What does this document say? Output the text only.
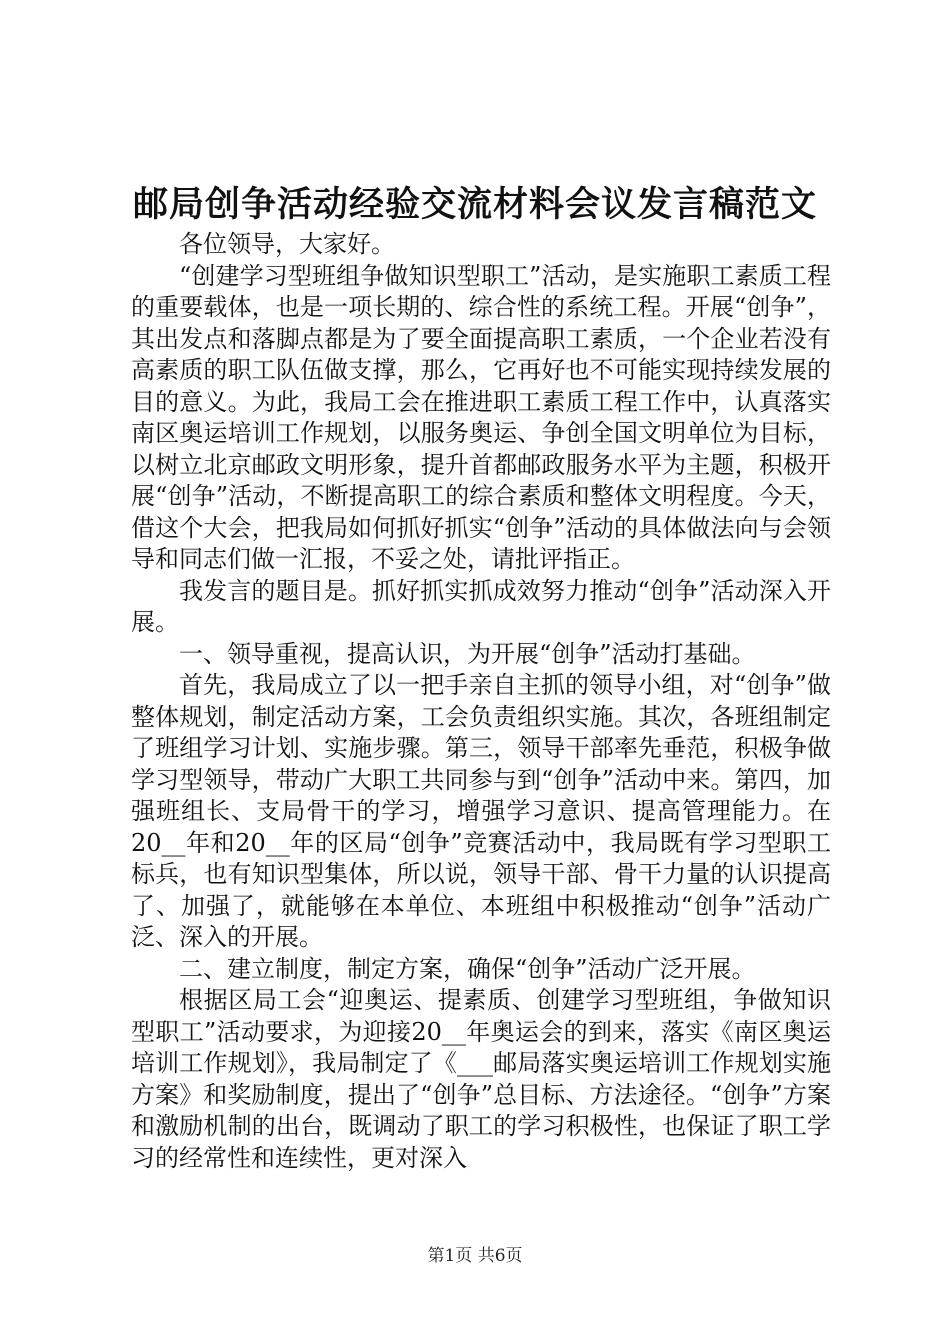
邮局创争活动经验交流材料会议发言稿范文

各位领导，大家好。

“创建学习型班组争做知识型职工”活动，是实施职工素质工程的重要载体，也是一项长期的、综合性的系统工程。开展“创争”，其出发点和落脚点都是为了要全面提高职工素质，一个企业若没有高素质的职工队伍做支撑，那么，它再好也不可能实现持续发展的目的意义。为此，我局工会在推进职工素质工程工作中，认真落实南区奥运培训工作规划，以服务奥运、争创全国文明单位为目标，以树立北京邮政文明形象，提升首都邮政服务水平为主题，积极开展“创争”活动，不断提高职工的综合素质和整体文明程度。今天，借这个大会，把我局如何抓好抓实“创争”活动的具体做法向与会领导和同志们做一汇报，不妥之处，请批评指正。

我发言的题目是。抓好抓实抓成效努力推动“创争”活动深入开展。

一、领导重视，提高认识，为开展“创争”活动打基础。

首先，我局成立了以一把手亲自主抓的领导小组，对“创争”做整体规划，制定活动方案，工会负责组织实施。其次，各班组制定了班组学习计划、实施步骤。第三，领导干部率先垂范，积极争做学习型领导，带动广大职工共同参与到“创争”活动中来。第四，加强班组长、支局骨干的学习，增强学习意识、提高管理能力。在20__年和20__年的区局“创争”竞赛活动中，我局既有学习型职工标兵，也有知识型集体，所以说，领导干部、骨干力量的认识提高了、加强了，就能够在本单位、本班组中积极推动“创争”活动广泛、深入的开展。

二、建立制度，制定方案，确保“创争”活动广泛开展。

根据区局工会“迎奥运、提素质、创建学习型班组，争做知识型职工”活动要求，为迎接20__年奥运会的到来，落实《南区奥运培训工作规划》，我局制定了《___邮局落实奥运培训工作规划实施方案》和奖励制度，提出了“创争”总目标、方法途径。“创争”方案和激励机制的出台，既调动了职工的学习积极性，也保证了职工学习的经常性和连续性，更对深入

第1页 共6页
